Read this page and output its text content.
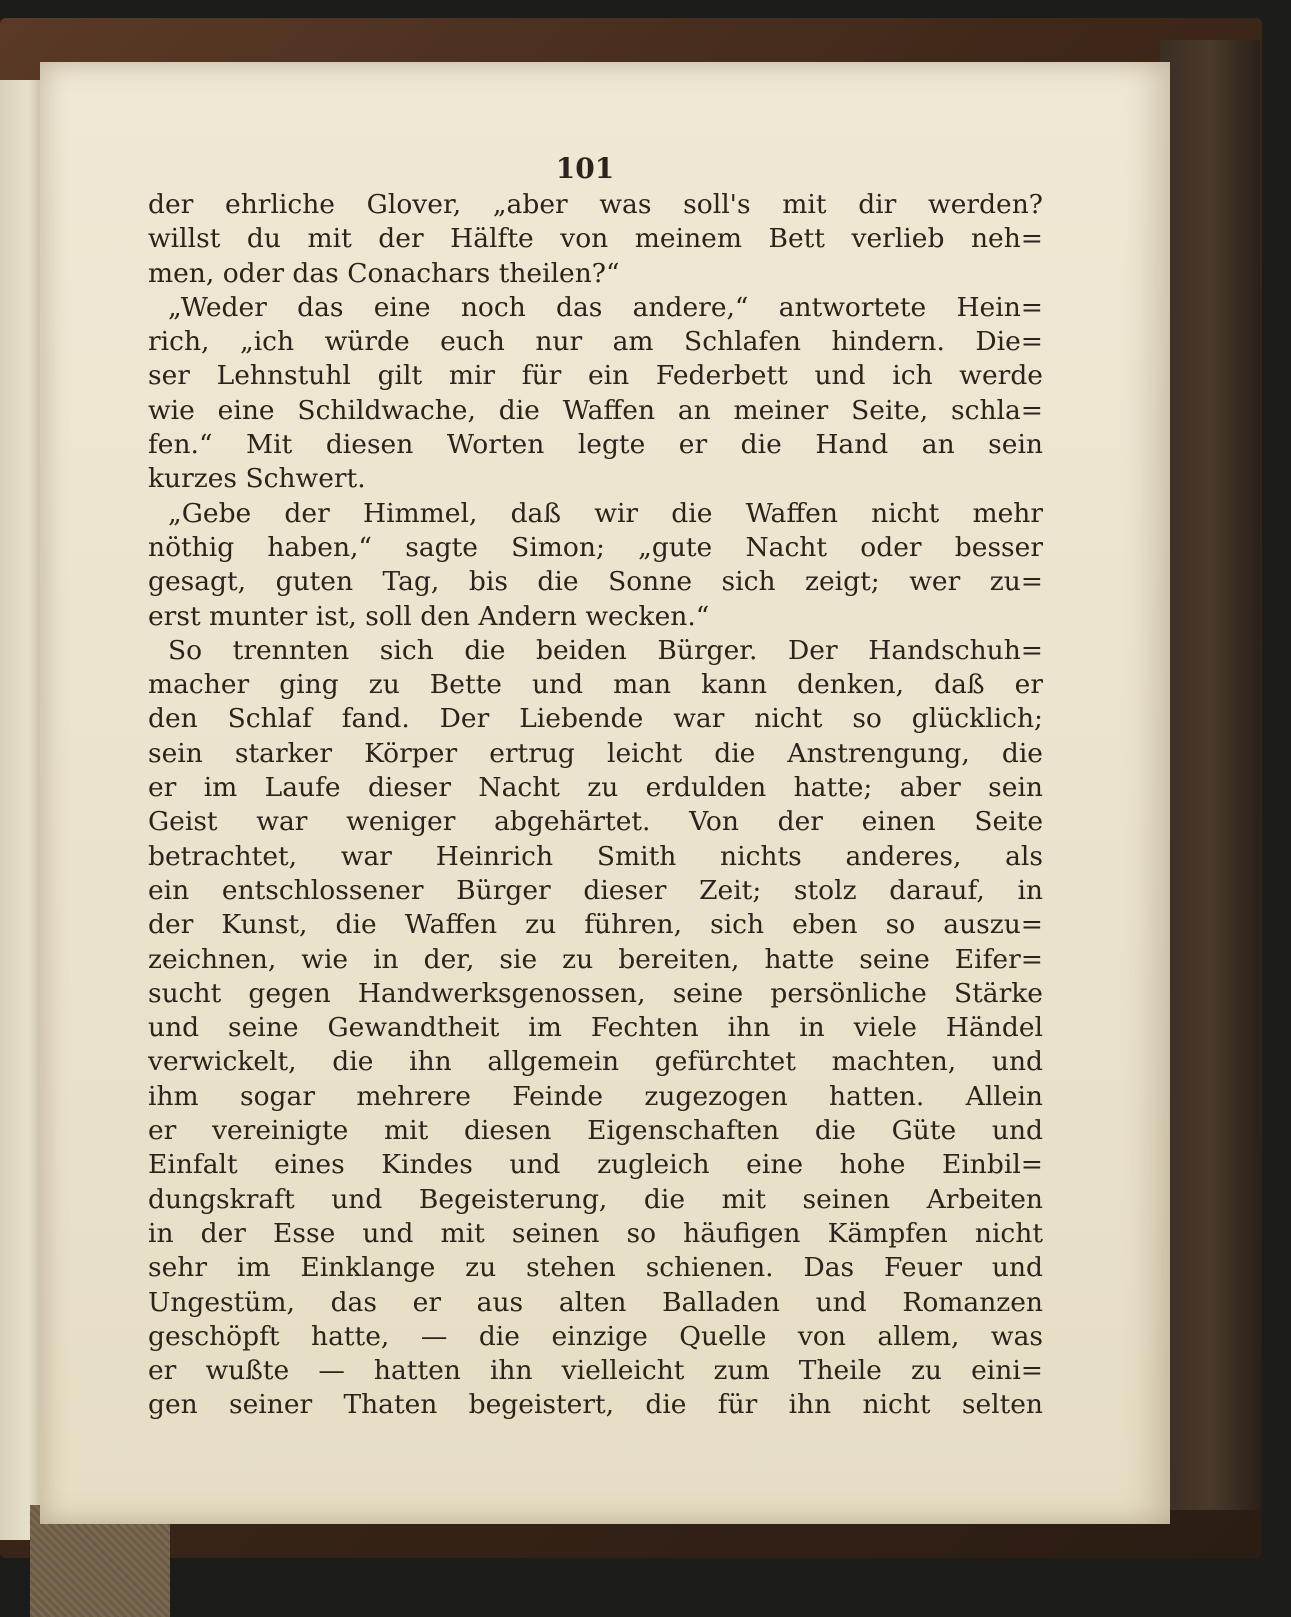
101
der ehrliche Glover, „aber was soll's mit dir werden?
willst du mit der Hälfte von meinem Bett verlieb neh=
men, oder das Conachars theilen?“
„Weder das eine noch das andere,“ antwortete Hein=
rich, „ich würde euch nur am Schlafen hindern. Die=
ser Lehnstuhl gilt mir für ein Federbett und ich werde
wie eine Schildwache, die Waffen an meiner Seite, schla=
fen.“ Mit diesen Worten legte er die Hand an sein
kurzes Schwert.
„Gebe der Himmel, daß wir die Waffen nicht mehr
nöthig haben,“ sagte Simon; „gute Nacht oder besser
gesagt, guten Tag, bis die Sonne sich zeigt; wer zu=
erst munter ist, soll den Andern wecken.“
So trennten sich die beiden Bürger. Der Handschuh=
macher ging zu Bette und man kann denken, daß er
den Schlaf fand. Der Liebende war nicht so glücklich;
sein starker Körper ertrug leicht die Anstrengung, die
er im Laufe dieser Nacht zu erdulden hatte; aber sein
Geist war weniger abgehärtet. Von der einen Seite
betrachtet, war Heinrich Smith nichts anderes, als
ein entschlossener Bürger dieser Zeit; stolz darauf, in
der Kunst, die Waffen zu führen, sich eben so auszu=
zeichnen, wie in der, sie zu bereiten, hatte seine Eifer=
sucht gegen Handwerksgenossen, seine persönliche Stärke
und seine Gewandtheit im Fechten ihn in viele Händel
verwickelt, die ihn allgemein gefürchtet machten, und
ihm sogar mehrere Feinde zugezogen hatten. Allein
er vereinigte mit diesen Eigenschaften die Güte und
Einfalt eines Kindes und zugleich eine hohe Einbil=
dungskraft und Begeisterung, die mit seinen Arbeiten
in der Esse und mit seinen so häufigen Kämpfen nicht
sehr im Einklange zu stehen schienen. Das Feuer und
Ungestüm, das er aus alten Balladen und Romanzen
geschöpft hatte, — die einzige Quelle von allem, was
er wußte — hatten ihn vielleicht zum Theile zu eini=
gen seiner Thaten begeistert, die für ihn nicht selten
